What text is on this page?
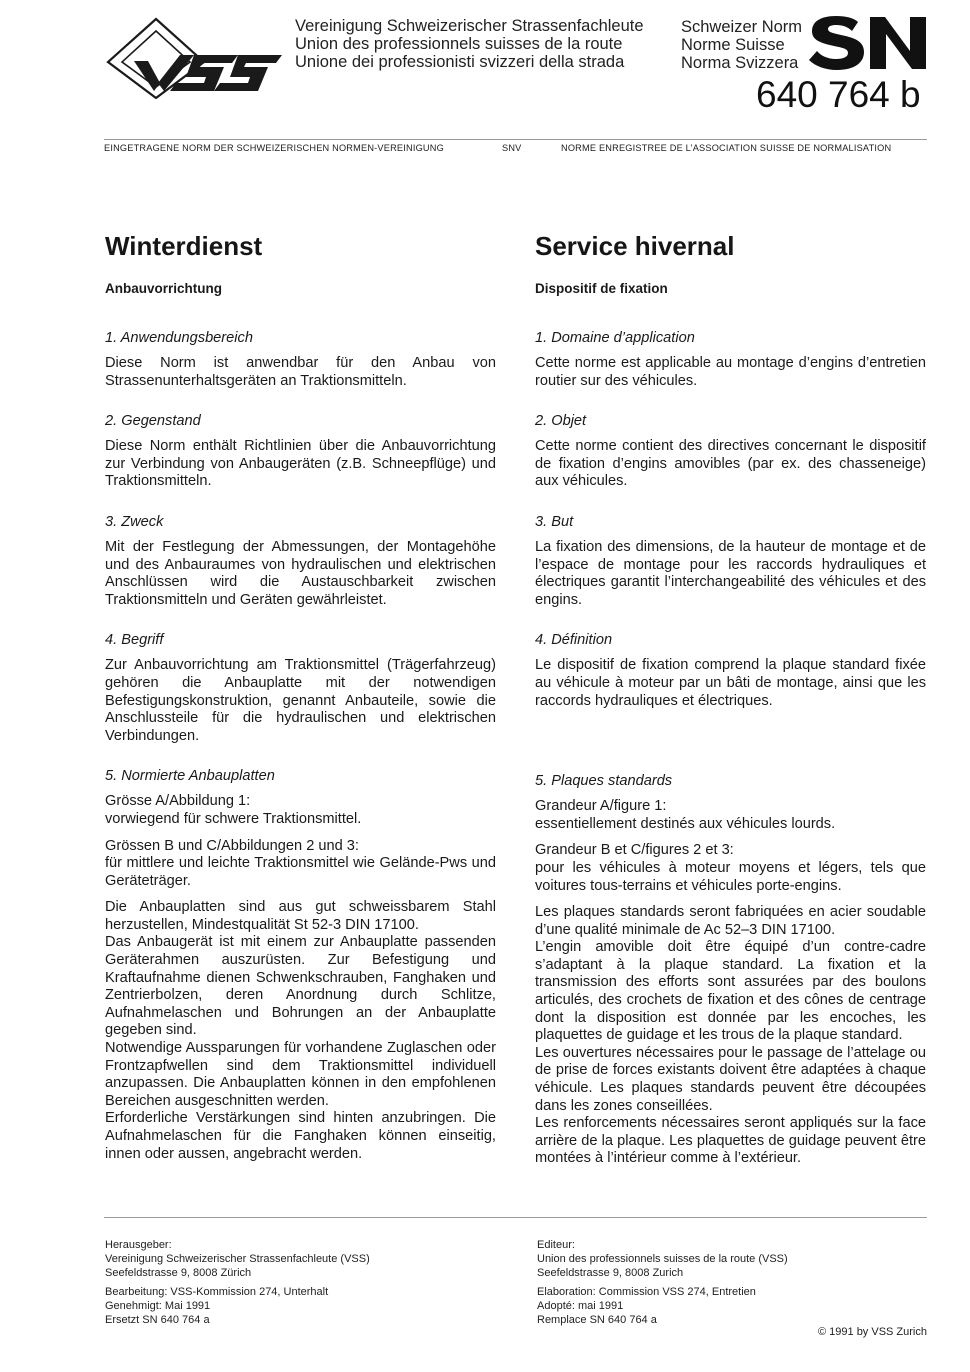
Vereinigung Schweizerischer Strassenfachleute
Union des professionnels suisses de la route
Unione dei professionisti svizzeri della strada
Schweizer Norm
Norme Suisse
Norma Svizzera
640 764 b
EINGETRAGENE NORM DER SCHWEIZERISCHEN NORMEN-VEREINIGUNG	SNV	NORME ENREGISTREE DE L’ASSOCIATION SUISSE DE NORMALISATION
Winterdienst
Anbauvorrichtung
1. Anwendungsbereich

Diese Norm ist anwendbar für den Anbau von Strassenunterhaltsgeräten an Traktionsmitteln.

2. Gegenstand

Diese Norm enthält Richtlinien über die Anbauvorrichtung zur Verbindung von Anbaugeräten (z.B. Schneepflüge) und Traktionsmitteln.

3. Zweck

Mit der Festlegung der Abmessungen, der Montagehöhe und des Anbauraumes von hydraulischen und elektrischen Anschlüssen wird die Austauschbarkeit zwischen Traktionsmitteln und Geräten gewährleistet.

4. Begriff

Zur Anbauvorrichtung am Traktionsmittel (Trägerfahrzeug) gehören die Anbauplatte mit der notwendigen Befestigungskonstruktion, genannt Anbauteile, sowie die Anschlussteile für die hydraulischen und elektrischen Verbindungen.

5. Normierte Anbauplatten

Grösse A/Abbildung 1:
vorwiegend für schwere Traktionsmittel.

Grössen B und C/Abbildungen 2 und 3:
für mittlere und leichte Traktionsmittel wie Gelände-Pws und Geräteträger.

Die Anbauplatten sind aus gut schweissbarem Stahl herzustellen, Mindestqualität St 52-3 DIN 17100.
Das Anbaugerät ist mit einem zur Anbauplatte passenden Geräterahmen auszurüsten. Zur Befestigung und Kraftaufnahme dienen Schwenkschrauben, Fanghaken und Zentrierbolzen, deren Anordnung durch Schlitze, Aufnahmelaschen und Bohrungen an der Anbauplatte gegeben sind.
Notwendige Aussparungen für vorhandene Zuglaschen oder Frontzapfwellen sind dem Traktionsmittel individuell anzupassen. Die Anbauplatten können in den empfohlenen Bereichen ausgeschnitten werden.
Erforderliche Verstärkungen sind hinten anzubringen. Die Aufnahmelaschen für die Fanghaken können einseitig, innen oder aussen, angebracht werden.

Service hivernal
Dispositif de fixation
1. Domaine d’application

Cette norme est applicable au montage d’engins d’entretien routier sur des véhicules.

2. Objet

Cette norme contient des directives concernant le dispositif de fixation d’engins amovibles (par ex. des chasseneige) aux véhicules.

3. But

La fixation des dimensions, de la hauteur de montage et de l’espace de montage pour les raccords hydrauliques et électriques garantit l’interchangeabilité des véhicules et des engins.

4. Définition

Le dispositif de fixation comprend la plaque standard fixée au véhicule à moteur par un bâti de montage, ainsi que les raccords hydrauliques et électriques.

5. Plaques standards

Grandeur A/figure 1:
essentiellement destinés aux véhicules lourds.

Grandeur B et C/figures 2 et 3:
pour les véhicules à moteur moyens et légers, tels que voitures tous-terrains et véhicules porte-engins.

Les plaques standards seront fabriquées en acier soudable d’une qualité minimale de Ac 52–3 DIN 17100.
L’engin amovible doit être équipé d’un contre-cadre s’adaptant à la plaque standard. La fixation et la transmission des efforts sont assurées par des boulons articulés, des crochets de fixation et des cônes de centrage dont la disposition est donnée par les encoches, les plaquettes de guidage et les trous de la plaque standard.
Les ouvertures nécessaires pour le passage de l’attelage ou de prise de forces existants doivent être adaptées à chaque véhicule. Les plaques standards peuvent être découpées dans les zones conseillées.
Les renforcements nécessaires seront appliqués sur la face arrière de la plaque. Les plaquettes de guidage peuvent être montées à l’intérieur comme à l’extérieur.

Herausgeber:
Vereinigung Schweizerischer Strassenfachleute (VSS)
Seefeldstrasse 9, 8008 Zürich
Bearbeitung: VSS-Kommission 274, Unterhalt
Genehmigt: Mai 1991
Ersetzt SN 640 764 a
Editeur:
Union des professionnels suisses de la route (VSS)
Seefeldstrasse 9, 8008 Zurich
Elaboration: Commission VSS 274, Entretien
Adopté: mai 1991
Remplace SN 640 764 a
© 1991 by VSS Zurich
